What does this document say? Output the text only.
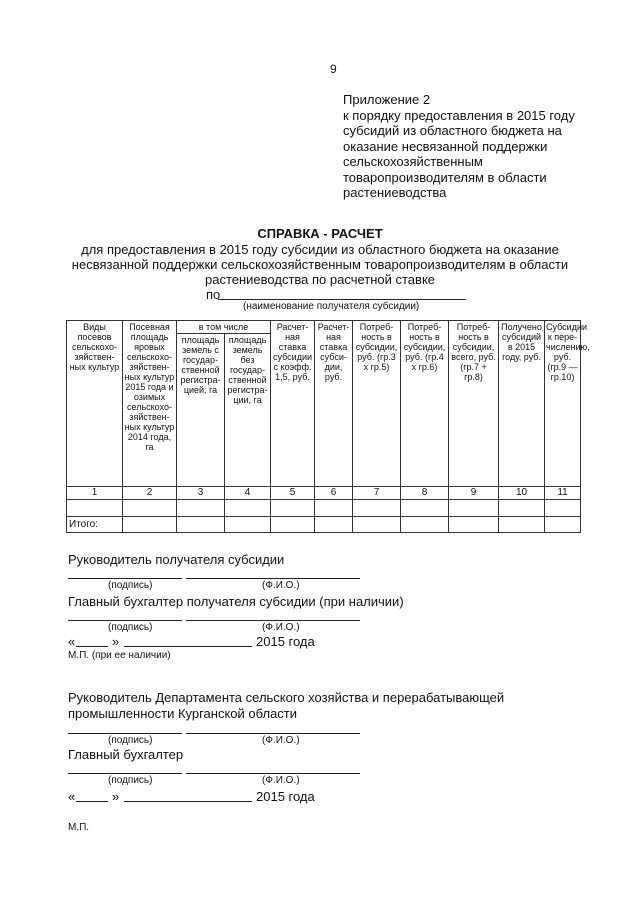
9
Приложение 2
к порядку предоставления в 2015 году
субсидий из областного бюджета на
оказание несвязанной поддержки
сельскохозяйственным
товаропроизводителям в области
растениеводства
СПРАВКА - РАСЧЕТ
для предоставления в 2015 году субсидии из областного бюджета на оказание
несвязанной поддержки сельскохозяйственным товаропроизводителям в области
растениеводства по расчетной ставке
по
(наименование получателя субсидии)
Виды посевов сельскохо-зяйствен-ных культур	Посевная площадь яровых сельскохо-зяйствен-ных культур 2015 года и озимых сельскохо-зяйствен-ных культур 2014 года, га	в том числе		Расчет-ная ставка субсидии с коэфф. 1,5, руб.	Расчет-ная ставка субси-дии, руб.	Потреб-ность в субсидии, руб. (гр.3 х гр.5)	Потреб-ность в субсидии, руб. (гр.4 х гр.6)	Потреб-ность в субсидии, всего, руб. (гр.7 + гр.8)	Получено субсидий в 2015 году, руб.	Субсидии к пере-числению, руб. (гр.9 — гр.10)
		площадь земель с государ-ственной регистра-цией, га	площадь земель без государ-ственной регистра-ции, га							
1	2	3	4	5	6	7	8	9	10	11

Итого:										
Руководитель получателя субсидии
(подпись)	(Ф.И.О.)
Главный бухгалтер получателя субсидии (при наличии)
(подпись)	(Ф.И.О.)
«	»	2015 года
М.П. (при ее наличии)
Руководитель Департамента сельского хозяйства и перерабатывающей
промышленности Курганской области
(подпись)	(Ф.И.О.)
Главный бухгалтер
(подпись)	(Ф.И.О.)
«	»	2015 года
М.П.
